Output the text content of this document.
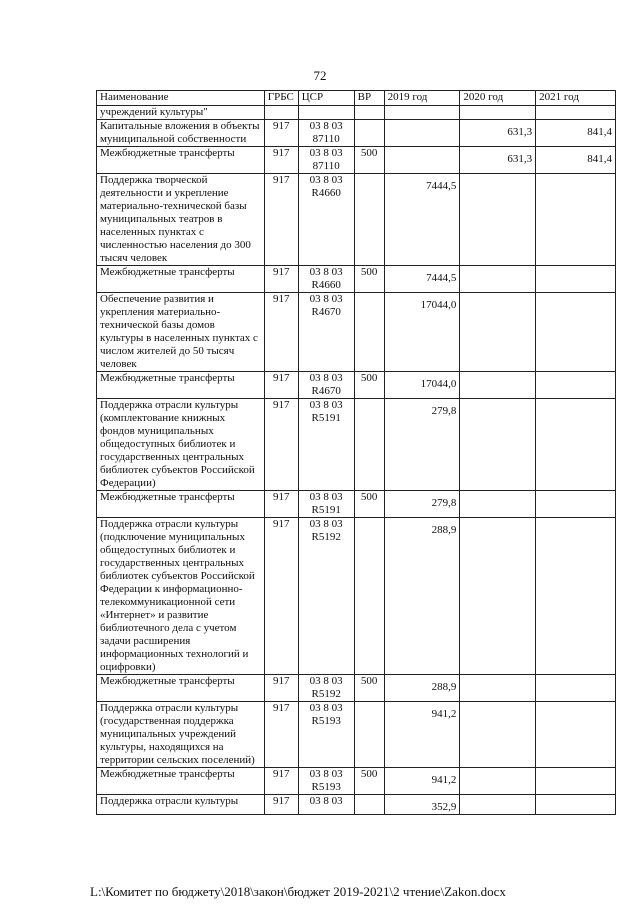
72
Наименование	ГРБС	ЦСР	ВР	2019 год	2020 год	2021 год
учреждений культуры"						
Капитальные вложения в объекты муниципальной собственности	917	03 8 03 87110			631,3	841,4
Межбюджетные трансферты	917	03 8 03 87110	500		631,3	841,4
Поддержка творческой деятельности и укрепление материально-технической базы муниципальных театров в населенных пунктах с численностью населения до 300 тысяч человек	917	03 8 03 R4660		7444,5		
Межбюджетные трансферты	917	03 8 03 R4660	500	7444,5		
Обеспечение развития и укрепления материально-технической базы домов культуры в населенных пунктах с числом жителей до 50 тысяч человек	917	03 8 03 R4670		17044,0		
Межбюджетные трансферты	917	03 8 03 R4670	500	17044,0		
Поддержка отрасли культуры (комплектование книжных фондов муниципальных общедоступных библиотек и государственных центральных библиотек субъектов Российской Федерации)	917	03 8 03 R5191		279,8		
Межбюджетные трансферты	917	03 8 03 R5191	500	279,8		
Поддержка отрасли культуры (подключение муниципальных общедоступных библиотек и государственных центральных библиотек субъектов Российской Федерации к информационно-телекоммуникационной сети «Интернет» и развитие библиотечного дела с учетом задачи расширения информационных технологий и оцифровки)	917	03 8 03 R5192		288,9		
Межбюджетные трансферты	917	03 8 03 R5192	500	288,9		
Поддержка отрасли культуры (государственная поддержка муниципальных учреждений культуры, находящихся на территории сельских поселений)	917	03 8 03 R5193		941,2		
Межбюджетные трансферты	917	03 8 03 R5193	500	941,2		
Поддержка отрасли культуры	917	03 8 03		352,9		
L:\Комитет по бюджету\2018\закон\бюджет 2019-2021\2 чтение\Zakon.docx
